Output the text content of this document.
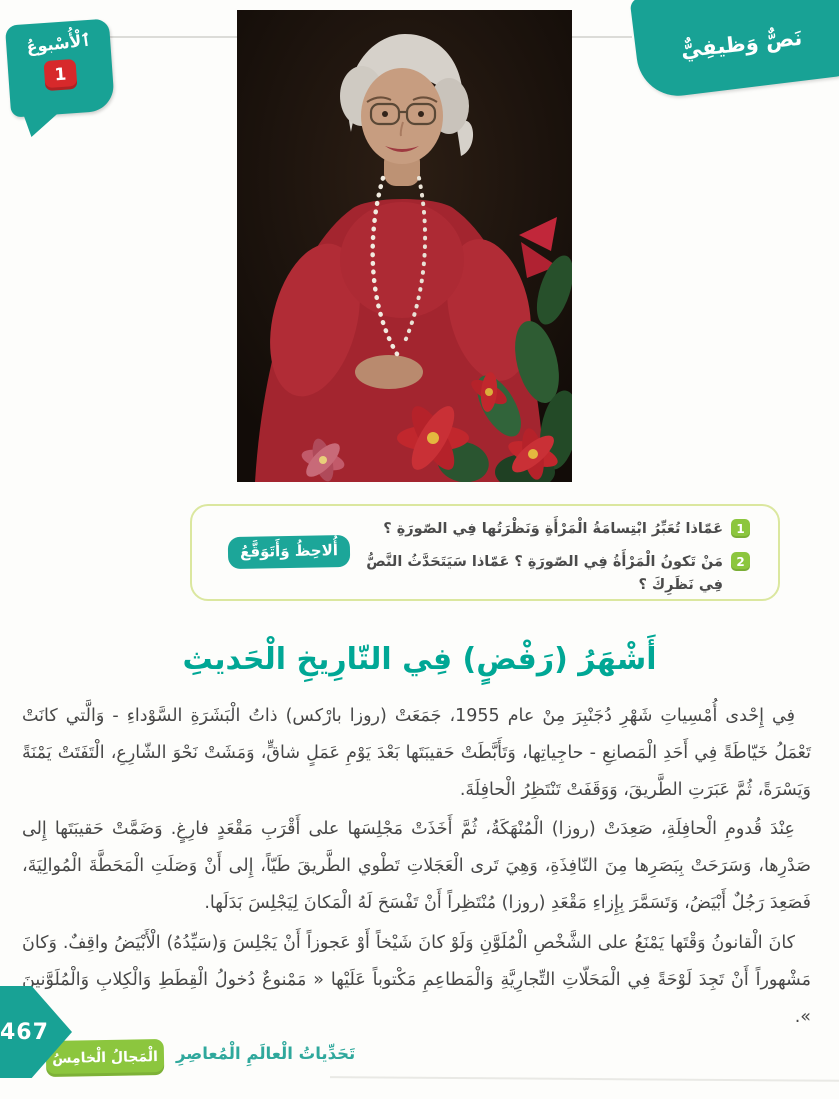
ٱلْأُسْبوعُ
1
نَصٌّ وَظيفِيٌّ
1
عَمّاذا تُعَبِّرُ ابْتِسامَةُ الْمَرْأَةِ وَنَظْرَتُها فِي الصّورَةِ ؟
2
مَنْ تَكونُ الْمَرْأَةُ فِي الصّورَةِ ؟ عَمّاذا سَيَتَحَدَّثُ النَّصُّ فِي نَظَرِكَ ؟
أُلاحِظُ وَأَتَوَقَّعُ
أَشْهَرُ (رَفْضٍ) فِي التّارِيخِ الْحَديثِ

فِي إِحْدى أُمْسِياتِ شَهْرِ دُجَنْبِرَ مِنْ عام 1955، جَمَعَتْ (روزا بارْكس) ذاتُ الْبَشَرَةِ السَّوْداءِ - وَالَّتي كانَتْ تَعْمَلُ خَيّاطَةً فِي أَحَدِ الْمَصانِعِ - حاجِياتِها، وَتَأَبَّطَتْ حَقيبَتَها بَعْدَ يَوْمِ عَمَلٍ شاقٍّ، وَمَشَتْ نَحْوَ الشّارِعِ، الْتَفَتَتْ يَمْنَةً وَيَسْرَةً، ثُمَّ عَبَرَتِ الطَّريقَ، وَوَقَفَتْ تَنْتَظِرُ الْحافِلَةَ.

عِنْدَ قُدومِ الْحافِلَةِ، صَعِدَتْ (روزا) الْمُنْهَكَةُ، ثُمَّ أَخَذَتْ مَجْلِسَها على أَقْرَبِ مَقْعَدٍ فارِغٍ. وَضَمَّتْ حَقيبَتَها إِلى صَدْرِها، وَسَرَحَتْ بِبَصَرِها مِنَ النّافِذَةِ، وَهِيَ تَرى الْعَجَلاتِ تَطْوي الطَّريقَ طَيّاً، إِلى أَنْ وَصَلَتِ الْمَحَطَّةَ الْمُوالِيَةَ، فَصَعِدَ رَجُلٌ أَبْيَضُ، وَتَسَمَّرَ بِإِزاءِ مَقْعَدِ (روزا) مُنْتَظِراً أَنْ تَفْسَحَ لَهُ الْمَكانَ لِيَجْلِسَ بَدَلَها.

كانَ الْقانونُ وَقْتَها يَمْنَعُ على الشَّخْصِ الْمُلَوَّنِ وَلَوْ كانَ شَيْخاً أَوْ عَجوزاً أَنْ يَجْلِسَ وَ(سَيِّدُهُ) الْأَبْيَضُ واقِفٌ. وَكانَ مَشْهوراً أَنْ تَجِدَ لَوْحَةً فِي الْمَحَلّاتِ التِّجارِيَّةِ وَالْمَطاعِمِ مَكْتوباً عَلَيْها « مَمْنوعٌ دُخولُ الْقِطَطِ وَالْكِلابِ وَالْمُلَوَّنينَ ».

467
الْمَجالُ الْخامِسُ	تَحَدِّياتُ الْعالَمِ الْمُعاصِرِ
